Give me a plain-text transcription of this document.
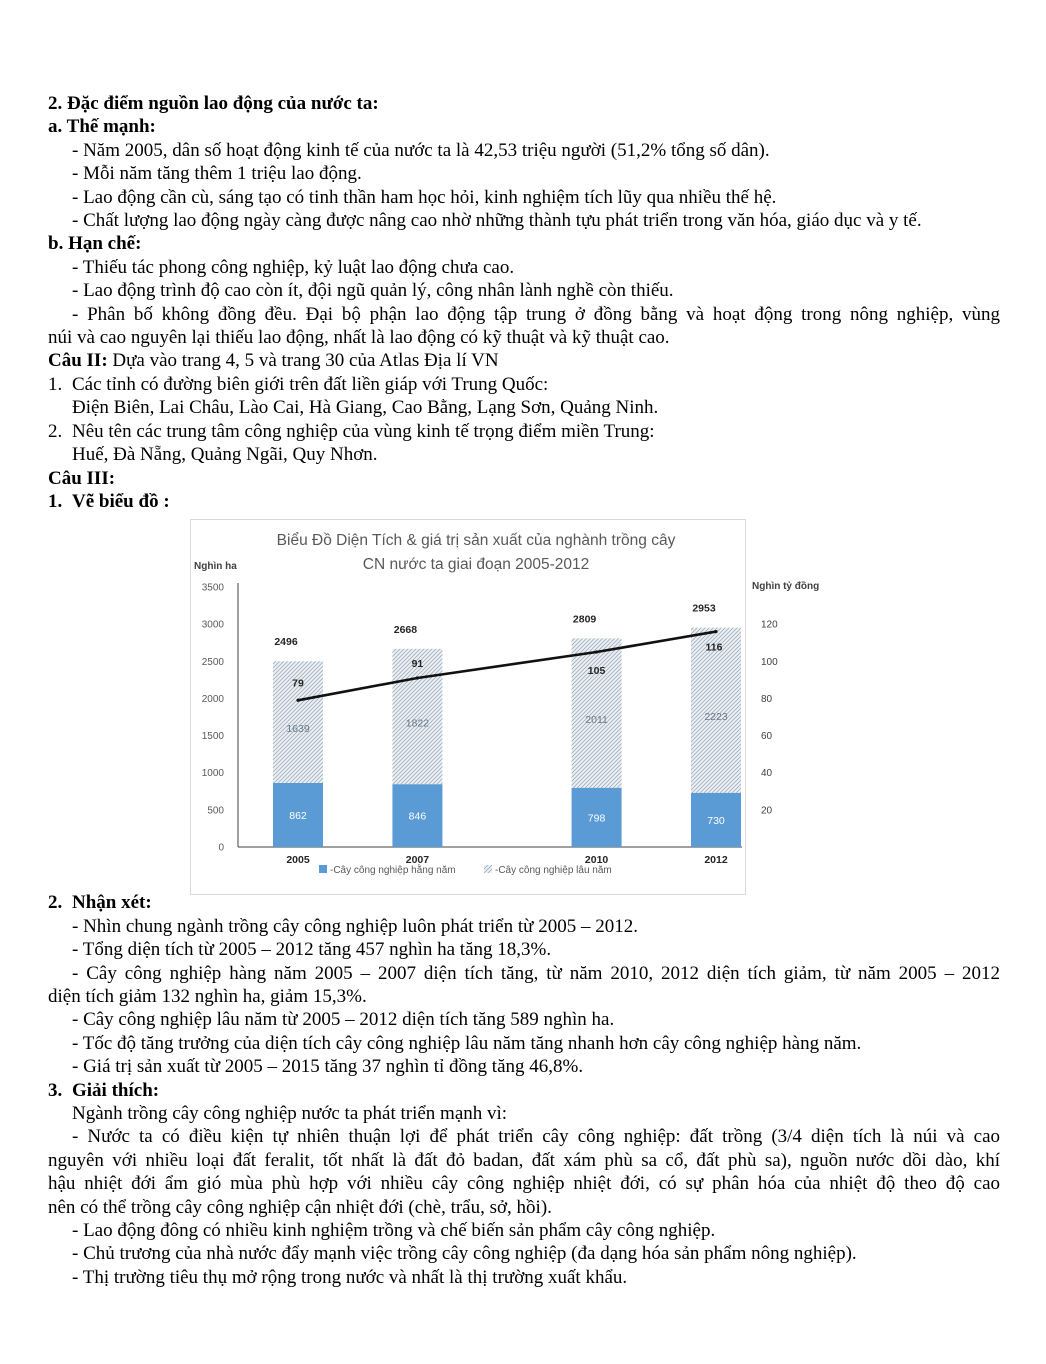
2. Đặc điểm nguồn lao động của nước ta:
a. Thế mạnh:
- Năm 2005, dân số hoạt động kinh tế của nước ta là 42,53 triệu người (51,2% tổng số dân).
- Mỗi năm tăng thêm 1 triệu lao động.
- Lao động cần cù, sáng tạo có tinh thần ham học hỏi, kinh nghiệm tích lũy qua nhiều thế hệ.
- Chất lượng lao động ngày càng được nâng cao nhờ những thành tựu phát triển trong văn hóa, giáo dục và y tế.
b. Hạn chế:
- Thiếu tác phong công nghiệp, kỷ luật lao động chưa cao.
- Lao động trình độ cao còn ít, đội ngũ quản lý, công nhân lành nghề còn thiếu.
- Phân bố không đồng đều. Đại bộ phận lao động tập trung ở đồng bằng và hoạt động trong nông nghiệp, vùng
núi và cao nguyên lại thiếu lao động, nhất là lao động có kỹ thuật và kỹ thuật cao.
Câu II: Dựa vào trang 4, 5 và trang 30 của Atlas Địa lí VN
1. Các tỉnh có đường biên giới trên đất liền giáp với Trung Quốc:
Điện Biên, Lai Châu, Lào Cai, Hà Giang, Cao Bằng, Lạng Sơn, Quảng Ninh.
2. Nêu tên các trung tâm công nghiệp của vùng kinh tế trọng điểm miền Trung:
Huế, Đà Nẵng, Quảng Ngãi, Quy Nhơn.
Câu III:
1. Vẽ biểu đồ :
Biểu Đồ Diện Tích & giá trị sản xuất của nghành trồng cây
CN nước ta giai đoạn 2005-2012
Nghìn ha
Nghìn tỷ đồng
0
500
1000
1500
2000
2500
3000
3500
20
40
60
80
100
120
862
1639
2496
2005
846
1822
2668
2007
798
2011
2809
2010
730
2223
2953
2012
79
91
105
116
-Cây công nghiệp hằng năm	-Cây công nghiệp lâu năm
2. Nhận xét:
- Nhìn chung ngành trồng cây công nghiệp luôn phát triển từ 2005 – 2012.
- Tổng diện tích từ 2005 – 2012 tăng 457 nghìn ha tăng 18,3%.
- Cây công nghiệp hàng năm 2005 – 2007 diện tích tăng, từ năm 2010, 2012 diện tích giảm, từ năm 2005 – 2012
diện tích giảm 132 nghìn ha, giảm 15,3%.
- Cây công nghiệp lâu năm từ 2005 – 2012 diện tích tăng 589 nghìn ha.
- Tốc độ tăng trưởng của diện tích cây công nghiệp lâu năm tăng nhanh hơn cây công nghiệp hàng năm.
- Giá trị sản xuất từ 2005 – 2015 tăng 37 nghìn tỉ đồng tăng 46,8%.
3. Giải thích:
Ngành trồng cây công nghiệp nước ta phát triển mạnh vì:
- Nước ta có điều kiện tự nhiên thuận lợi để phát triển cây công nghiệp: đất trồng (3/4 diện tích là núi và cao
nguyên với nhiều loại đất feralit, tốt nhất là đất đỏ badan, đất xám phù sa cổ, đất phù sa), nguồn nước dồi dào, khí
hậu nhiệt đới ẩm gió mùa phù hợp với nhiều cây công nghiệp nhiệt đới, có sự phân hóa của nhiệt độ theo độ cao
nên có thể trồng cây công nghiệp cận nhiệt đới (chè, trẩu, sở, hồi).
- Lao động đông có nhiều kinh nghiệm trồng và chế biến sản phẩm cây công nghiệp.
- Chủ trương của nhà nước đẩy mạnh việc trồng cây công nghiệp (đa dạng hóa sản phẩm nông nghiệp).
- Thị trường tiêu thụ mở rộng trong nước và nhất là thị trường xuất khẩu.
